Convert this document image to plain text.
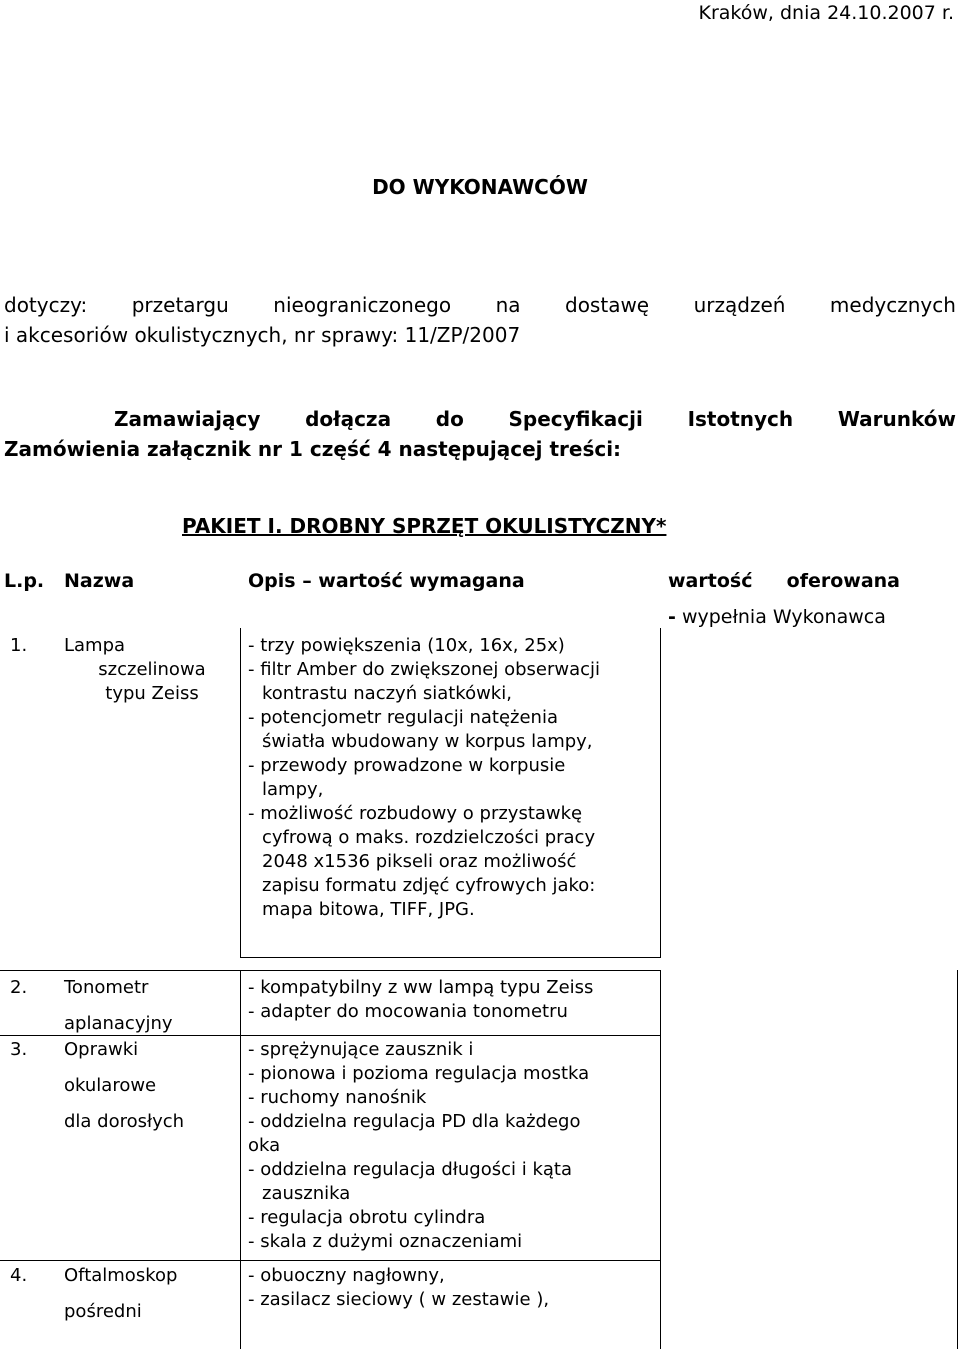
Kraków, dnia 24.10.2007 r.
DO WYKONAWCÓW
dotyczy: przetargu nieograniczonego na dostawę urządzeń medycznych
i akcesoriów okulistycznych, nr sprawy: 11/ZP/2007
Zamawiający dołącza do Specyfikacji Istotnych Warunków
Zamówienia załącznik nr 1 część 4 następującej treści:
PAKIET I. DROBNY SPRZĘT OKULISTYCZNY*
L.p. Nazwa	Opis – wartość wymagana	wartość oferowana
- wypełnia Wykonawca
1. Lampa
szczelinowa
typu Zeiss
- trzy powiększenia (10x, 16x, 25x)
- filtr Amber do zwiększonej obserwacji
kontrastu naczyń siatkówki,
- potencjometr regulacji natężenia
światła wbudowany w korpus lampy,
- przewody prowadzone w korpusie
lampy,
- możliwość rozbudowy o przystawkę
cyfrową o maks. rozdzielczości pracy
2048 x1536 pikseli oraz możliwość
zapisu formatu zdjęć cyfrowych jako:
mapa bitowa, TIFF, JPG.
2. Tonometr
aplanacyjny
- kompatybilny z ww lampą typu Zeiss
- adapter do mocowania tonometru
3. Oprawki
okularowe
dla dorosłych
- sprężynujące zausznik i
- pionowa i pozioma regulacja mostka
- ruchomy nanośnik
- oddzielna regulacja PD dla każdego
oka
- oddzielna regulacja długości i kąta
zausznika
- regulacja obrotu cylindra
- skala z dużymi oznaczeniami
4. Oftalmoskop
pośredni
- obuoczny nagłowny,
- zasilacz sieciowy ( w zestawie ),
